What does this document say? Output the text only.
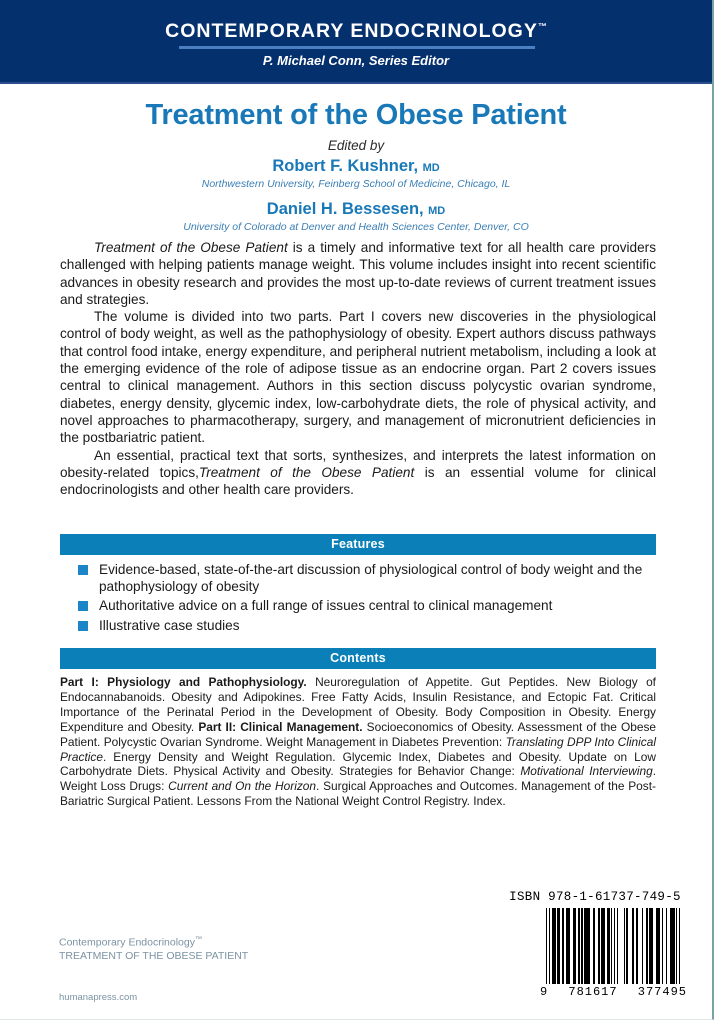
CONTEMPORARY ENDOCRINOLOGY™
P. Michael Conn, Series Editor
Treatment of the Obese Patient
Edited by
Robert F. Kushner, MD
Northwestern University, Feinberg School of Medicine, Chicago, IL
Daniel H. Bessesen, MD
University of Colorado at Denver and Health Sciences Center, Denver, CO

Treatment of the Obese Patient is a timely and informative text for all health care providers challenged with helping patients manage weight. This volume includes insight into recent scientific advances in obesity research and provides the most up-to-date reviews of current treatment issues and strategies.

The volume is divided into two parts. Part I covers new discoveries in the physiological control of body weight, as well as the pathophysiology of obesity. Expert authors discuss pathways that control food intake, energy expenditure, and peripheral nutrient metabolism, including a look at the emerging evidence of the role of adipose tissue as an endocrine organ. Part 2 covers issues central to clinical management. Authors in this section discuss polycystic ovarian syndrome, diabetes, energy density, glycemic index, low-carbohydrate diets, the role of physical activity, and novel approaches to pharmacotherapy, surgery, and management of micronutrient deficiencies in the postbariatric patient.

An essential, practical text that sorts, synthesizes, and interprets the latest information on obesity-related topics,Treatment of the Obese Patient is an essential volume for clinical endocrinologists and other health care providers.

Features
Evidence-based, state-of-the-art discussion of physiological control of body weight and the pathophysiology of obesity
Authoritative advice on a full range of issues central to clinical management
Illustrative case studies
Contents
Part I: Physiology and Pathophysiology. Neuroregulation of Appetite. Gut Peptides. New Biology of Endocannabanoids. Obesity and Adipokines. Free Fatty Acids, Insulin Resistance, and Ectopic Fat. Critical Importance of the Perinatal Period in the Development of Obesity. Body Composition in Obesity. Energy Expenditure and Obesity. Part II: Clinical Management. Socioeconomics of Obesity. Assessment of the Obese Patient. Polycystic Ovarian Syndrome. Weight Management in Diabetes Prevention: Translating DPP Into Clinical Practice. Energy Density and Weight Regulation. Glycemic Index, Diabetes and Obesity. Update on Low Carbohydrate Diets. Physical Activity and Obesity. Strategies for Behavior Change: Motivational Interviewing. Weight Loss Drugs: Current and On the Horizon. Surgical Approaches and Outcomes. Management of the Post-Bariatric Surgical Patient. Lessons From the National Weight Control Registry. Index.
ISBN 978-1-61737-749-5
9 781617 377495
Contemporary Endocrinology™
TREATMENT OF THE OBESE PATIENT
humanapress.com
